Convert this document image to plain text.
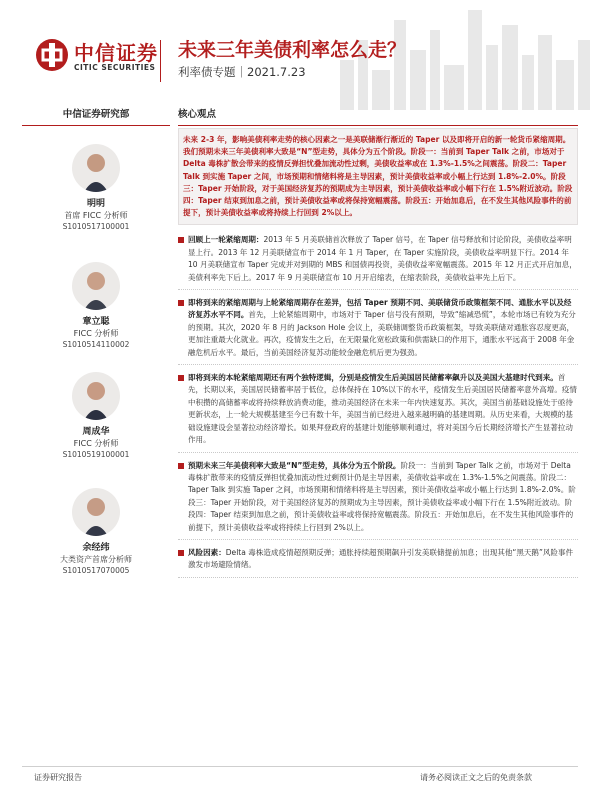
中信证券
CITIC SECURITIES
未来三年美债利率怎么走？
利率债专题｜2021.7.23
中信证券研究部
明明
首席 FICC 分析师
S1010517100001
章立聪
FICC 分析师
S1010514110002
周成华
FICC 分析师
S1010519100001
余经纬
大类资产首席分析师
S1010517070005
核心观点
未来 2-3 年，影响美债利率走势的核心因素之一是美联储渐行渐近的 Taper 以及即将开启的新一轮货币紧缩周期。我们预期未来三年美债利率大致是“N”型走势，具体分为五个阶段。阶段一：当前到 Taper Talk 之前，市场对于 Delta 毒株扩散会带来的疫情反弹担忧叠加流动性过剩，美债收益率或在 1.3%-1.5%之间震荡。阶段二：Taper Talk 到实施 Taper 之间，市场预期和情绪料将是主导因素，预计美债收益率或小幅上行达到 1.8%-2.0%。阶段三：Taper 开始阶段，对于美国经济复苏的预期成为主导因素，预计美债收益率或小幅下行在 1.5%附近波动。阶段四：Taper 结束到加息之前，预计美债收益率或将保持宽幅震荡。阶段五：开始加息后，在不发生其他风险事件的前提下，预计美债收益率或将持续上行回到 2%以上。
回顾上一轮紧缩周期：2013 年 5 月美联储首次释放了 Taper 信号，在 Taper 信号释放和讨论阶段，美债收益率明显上行。2013 年 12 月美联储宣布于 2014 年 1 月 Taper，在 Taper 实施阶段，美债收益率明显下行。2014 年 10 月美联储宣布 Taper 完成并对到期的 MBS 和国债再投资，美债收益率宽幅震荡。2015 年 12 月正式开启加息，美债利率先下后上。2017 年 9 月美联储宣布 10 月开启缩表，在缩表阶段，美债收益率先上后下。
即将到来的紧缩周期与上轮紧缩周期存在差异，包括 Taper 预期不同、美联储货币政策框架不同、通胀水平以及经济复苏水平不同。首先，上轮紧缩周期中，市场对于 Taper 信号没有预期，导致“缩减恐慌”，本轮市场已有较为充分的预期。其次，2020 年 8 月的 Jackson Hole 会议上，美联储调整货币政策框架，导致美联储对通胀容忍度更高，更加注重最大化就业。再次，疫情发生之后，在无限量化宽松政策和供需缺口的作用下，通胀水平远高于 2008 年金融危机后水平。最后，当前美国经济复苏动能较金融危机后更为强劲。
即将到来的本轮紧缩周期还有两个独特逻辑，分别是疫情发生后美国居民储蓄率飙升以及美国大基建时代到来。首先，长期以来，美国居民储蓄率居于低位，总体保持在 10%以下的水平，疫情发生后美国居民储蓄率意外高增。疫情中积攒的高储蓄率或将持续释放消费动能，推动美国经济在未来一年内快速复苏。其次，美国当前基础设施处于亟待更新状态，上一轮大规模基建至今已有数十年，美国当前已经进入越来越明确的基建周期。从历史来看，大规模的基础设施建设会显著拉动经济增长。如果拜登政府的基建计划能够顺利通过，将对美国今后长期经济增长产生显著拉动作用。
预期未来三年美债利率大致是“N”型走势，具体分为五个阶段。阶段一：当前到 Taper Talk 之前，市场对于 Delta 毒株扩散带来的疫情反弹担忧叠加流动性过剩预计仍是主导因素，美债收益率或在 1.3%-1.5%之间震荡。阶段二：Taper Talk 到实施 Taper 之间，市场预期和情绪料将是主导因素，预计美债收益率或小幅上行达到 1.8%-2.0%。阶段三：Taper 开始阶段，对于美国经济复苏的预期成为主导因素，预计美债收益率或小幅下行在 1.5%附近波动。阶段四：Taper 结束到加息之前，预计美债收益率或将保持宽幅震荡。阶段五：开始加息后，在不发生其他风险事件的前提下，预计美债收益率或将持续上行回到 2%以上。
风险因素：Delta 毒株造成疫情超预期反弹；通胀持续超预期飙升引发美联储提前加息；出现其他“黑天鹅”风险事件激发市场避险情绪。
证券研究报告	请务必阅读正文之后的免责条款
